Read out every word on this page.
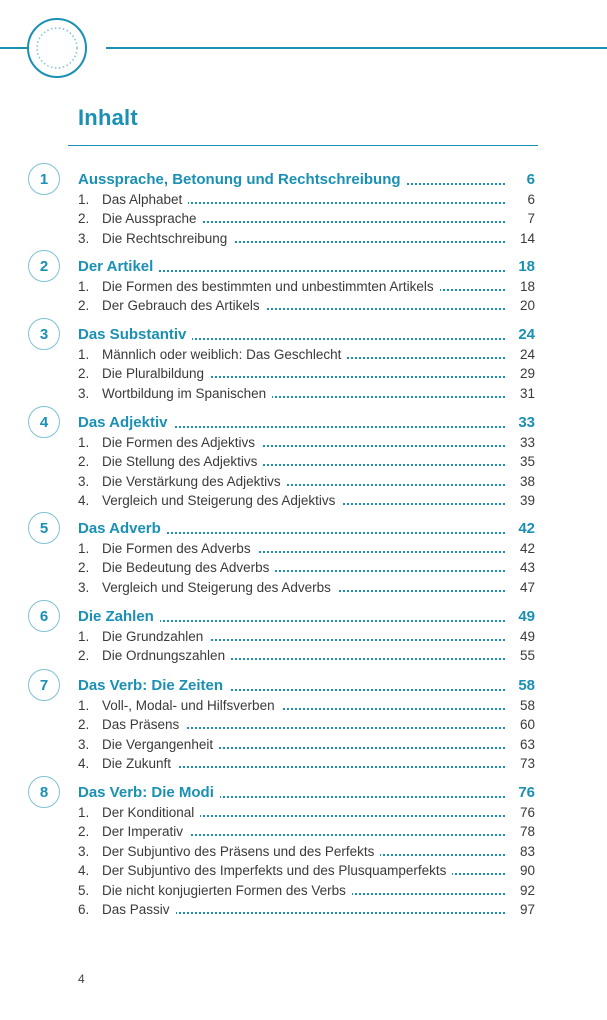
Inhalt
1	Aussprache, Betonung und Rechtschreibung	6
1. Das Alphabet	6
2. Die Aussprache	7
3. Die Rechtschreibung	14
2	Der Artikel	18
1. Die Formen des bestimmten und unbestimmten Artikels	18
2. Der Gebrauch des Artikels	20
3	Das Substantiv	24
1. Männlich oder weiblich: Das Geschlecht	24
2. Die Pluralbildung	29
3. Wortbildung im Spanischen	31
4	Das Adjektiv	33
1. Die Formen des Adjektivs	33
2. Die Stellung des Adjektivs	35
3. Die Verstärkung des Adjektivs	38
4. Vergleich und Steigerung des Adjektivs	39
5	Das Adverb	42
1. Die Formen des Adverbs	42
2. Die Bedeutung des Adverbs	43
3. Vergleich und Steigerung des Adverbs	47
6	Die Zahlen	49
1. Die Grundzahlen	49
2. Die Ordnungszahlen	55
7	Das Verb: Die Zeiten	58
1. Voll-, Modal- und Hilfsverben	58
2. Das Präsens	60
3. Die Vergangenheit	63
4. Die Zukunft	73
8	Das Verb: Die Modi	76
1. Der Konditional	76
2. Der Imperativ	78
3. Der Subjuntivo des Präsens und des Perfekts	83
4. Der Subjuntivo des Imperfekts und des Plusquamperfekts	90
5. Die nicht konjugierten Formen des Verbs	92
6. Das Passiv	97
4
